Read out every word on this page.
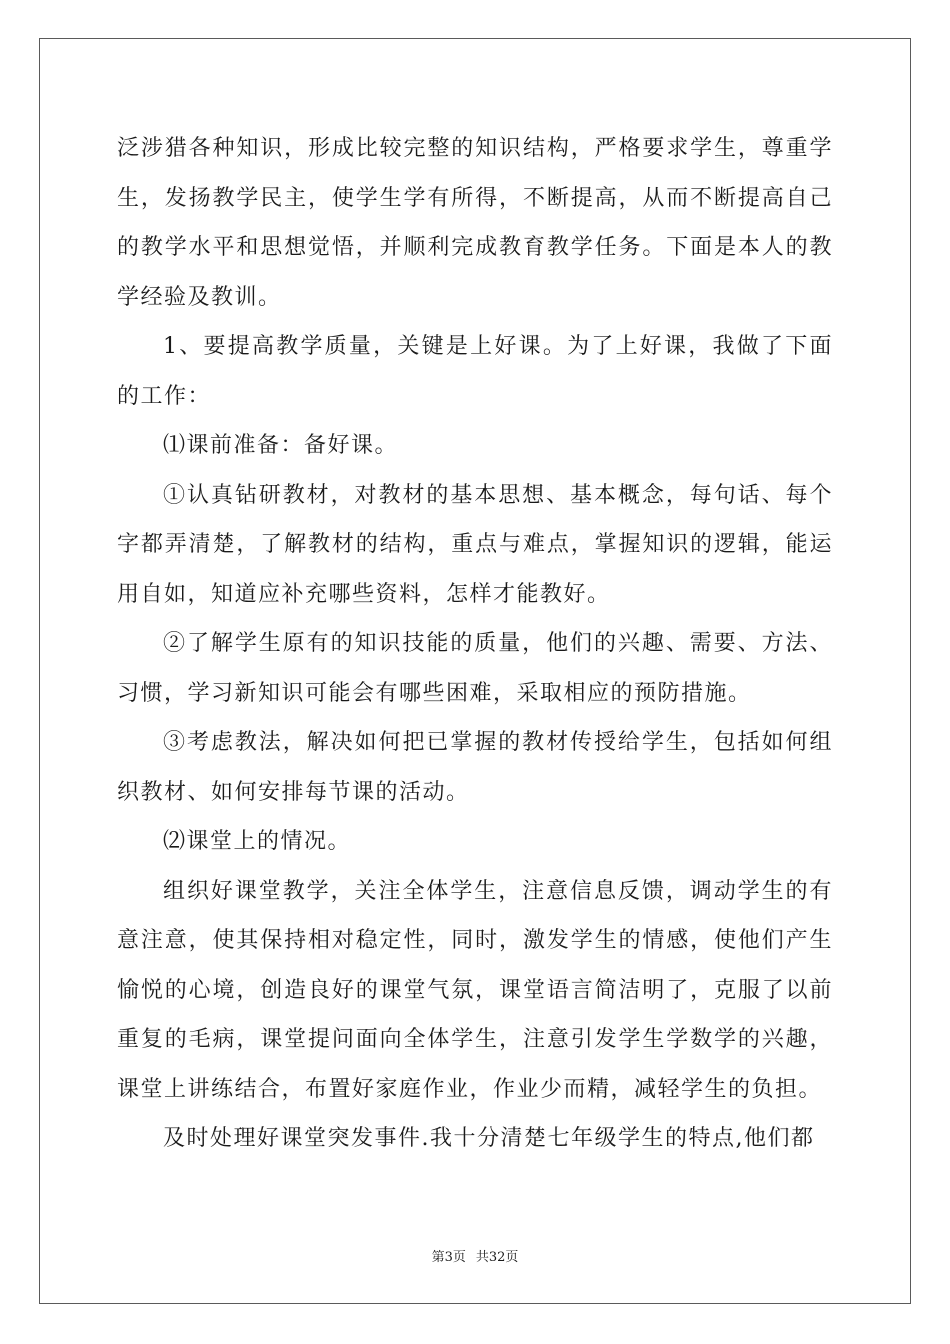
泛涉猎各种知识，形成比较完整的知识结构，严格要求学生，尊重学生，发扬教学民主，使学生学有所得，不断提高，从而不断提高自己的教学水平和思想觉悟，并顺利完成教育教学任务。下面是本人的教学经验及教训。

1、要提高教学质量，关键是上好课。为了上好课，我做了下面的工作：

⑴课前准备：备好课。

①认真钻研教材，对教材的基本思想、基本概念，每句话、每个字都弄清楚，了解教材的结构，重点与难点，掌握知识的逻辑，能运用自如，知道应补充哪些资料，怎样才能教好。

②了解学生原有的知识技能的质量，他们的兴趣、需要、方法、习惯，学习新知识可能会有哪些困难，采取相应的预防措施。

③考虑教法，解决如何把已掌握的教材传授给学生，包括如何组织教材、如何安排每节课的活动。

⑵课堂上的情况。

组织好课堂教学，关注全体学生，注意信息反馈，调动学生的有意注意，使其保持相对稳定性，同时，激发学生的情感，使他们产生愉悦的心境，创造良好的课堂气氛，课堂语言简洁明了，克服了以前重复的毛病，课堂提问面向全体学生，注意引发学生学数学的兴趣，课堂上讲练结合，布置好家庭作业，作业少而精，减轻学生的负担。

及时处理好课堂突发事件.我十分清楚七年级学生的特点,他们都

第3页 共32页
